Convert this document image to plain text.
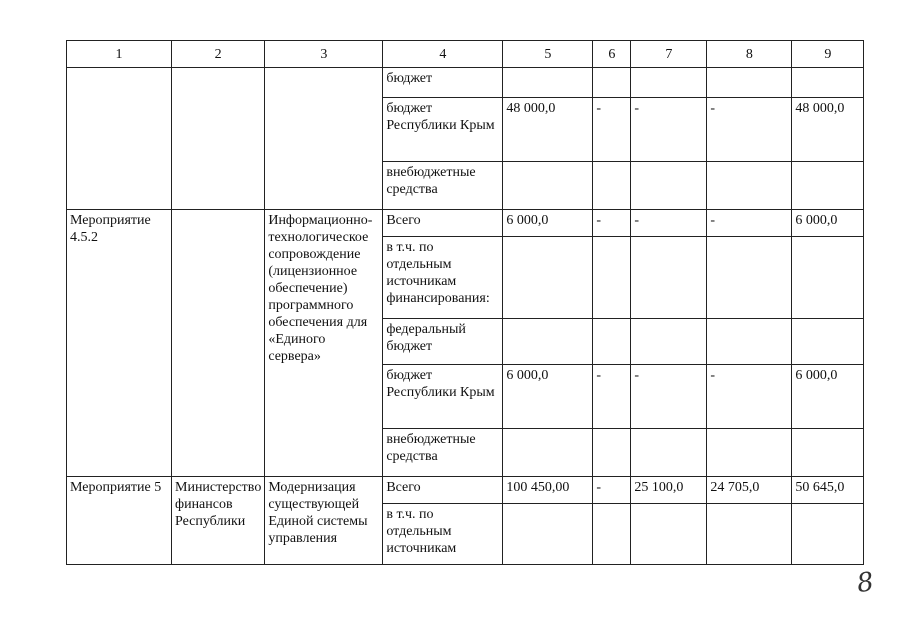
1	2	3	4	5	6	7	8	9
			бюджет					
			бюджет Республики Крым	48 000,0	-	-	-	48 000,0
			внебюджетные средства					
Мероприятие 4.5.2		Информационно-технологическое сопровождение (лицензионное обеспечение) программного обеспечения для «Единого сервера»	Всего	6 000,0	-	-	-	6 000,0
			в т.ч. по отдельным источникам финансирования:					
			федеральный бюджет					
			бюджет Республики Крым	6 000,0	-	-	-	6 000,0
			внебюджетные средства					
Мероприятие 5	Министерство финансов Республики	Модернизация существующей Единой системы управления	Всего	100 450,00	-	25 100,0	24 705,0	50 645,0
			в т.ч. по отдельным источникам					
8
